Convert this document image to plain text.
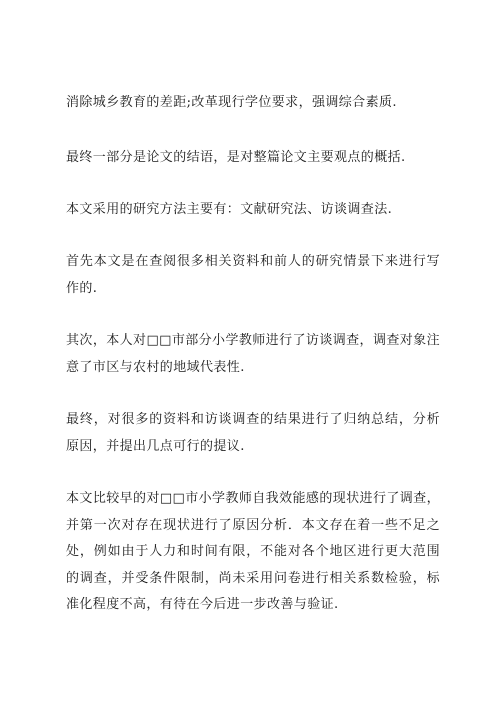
消除城乡教育的差距;改革现行学位要求，强调综合素质.

最终一部分是论文的结语，是对整篇论文主要观点的概括.

本文采用的研究方法主要有：文献研究法、访谈调查法.

首先本文是在查阅很多相关资料和前人的研究情景下来进行写作的.

其次，本人对□□市部分小学教师进行了访谈调查，调查对象注意了市区与农村的地域代表性.

最终，对很多的资料和访谈调查的结果进行了归纳总结，分析原因，并提出几点可行的提议.

本文比较早的对□□市小学教师自我效能感的现状进行了调查，并第一次对存在现状进行了原因分析．本文存在着一些不足之处，例如由于人力和时间有限，不能对各个地区进行更大范围的调查，并受条件限制，尚未采用问卷进行相关系数检验，标准化程度不高，有待在今后进一步改善与验证.
